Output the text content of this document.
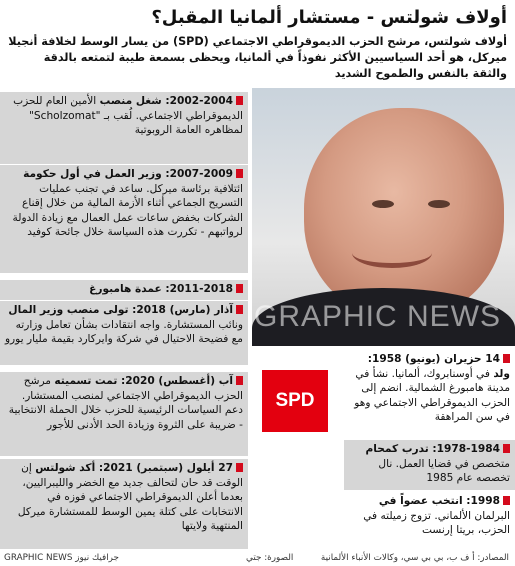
أولاف شولتس - مستشار ألمانيا المقبل؟
أولاف شولتس، مرشح الحزب الديموقراطي الاجتماعي (SPD) من يسار الوسط لخلافة أنجيلا ميركل، هو أحد السياسيين الأكثر نفوذاً في ألمانيا، ويحظى بسمعة طيبة لتمتعه بالدقة والثقة بالنفس والطموح الشديد
GRAPHIC NEWS
SPD
2002-2004: شغل منصب الأمين العام للحزب الديموقراطي الاجتماعي. لُقب بـ "Scholzomat" لمظاهره العامة الروبوتية
2007-2009: وزير العمل في أول حكومة ائتلافية برئاسة ميركل. ساعد في تجنب عمليات التسريح الجماعي أثناء الأزمة المالية من خلال إقناع الشركات بخفض ساعات عمل العمال مع زيادة الدولة لرواتبهم - تكررت هذه السياسة خلال جائحة كوفيد
2011-2018: عمدة هامبورغ
آذار (مارس) 2018: تولى منصب وزير المال ونائب المستشارة. واجه انتقادات بشأن تعامل وزارته مع فضيحة الاحتيال في شركة وايركارد بقيمة مليار يورو
آب (أغسطس) 2020: تمت تسميته مرشح الحزب الديموقراطي الاجتماعي لمنصب المستشار. دعم السياسات الرئيسية للحزب خلال الحملة الانتخابية - ضريبة على الثروة وزيادة الحد الأدنى للأجور
27 أيلول (سبتمبر) 2021: أكد شولتس إن الوقت قد حان لتحالف جديد مع الخضر والليبراليين، بعدما أعلن الديموقراطي الاجتماعي فوزه في الانتخابات على كتلة يمين الوسط للمستشارة ميركل المنتهية ولايتها
14 حزيران (يونيو) 1958: ولد في أوسنابروك، ألمانيا. نشأ في مدينة هامبورغ الشمالية. انضم إلى الحزب الديموقراطي الاجتماعي وهو في سن المراهقة
1978-1984: تدرب كمحام متخصص في قضايا العمل. نال تخصصه عام 1985
1998: انتخب عضواً في البرلمان الألماني. تزوج زميلته في الحزب، بريتا إرنست
المصادر: أ ف ب، بي بي سي، وكالات الأنباء الألمانية
الصورة: جتي
GRAPHIC NEWS جرافيك نيوز
